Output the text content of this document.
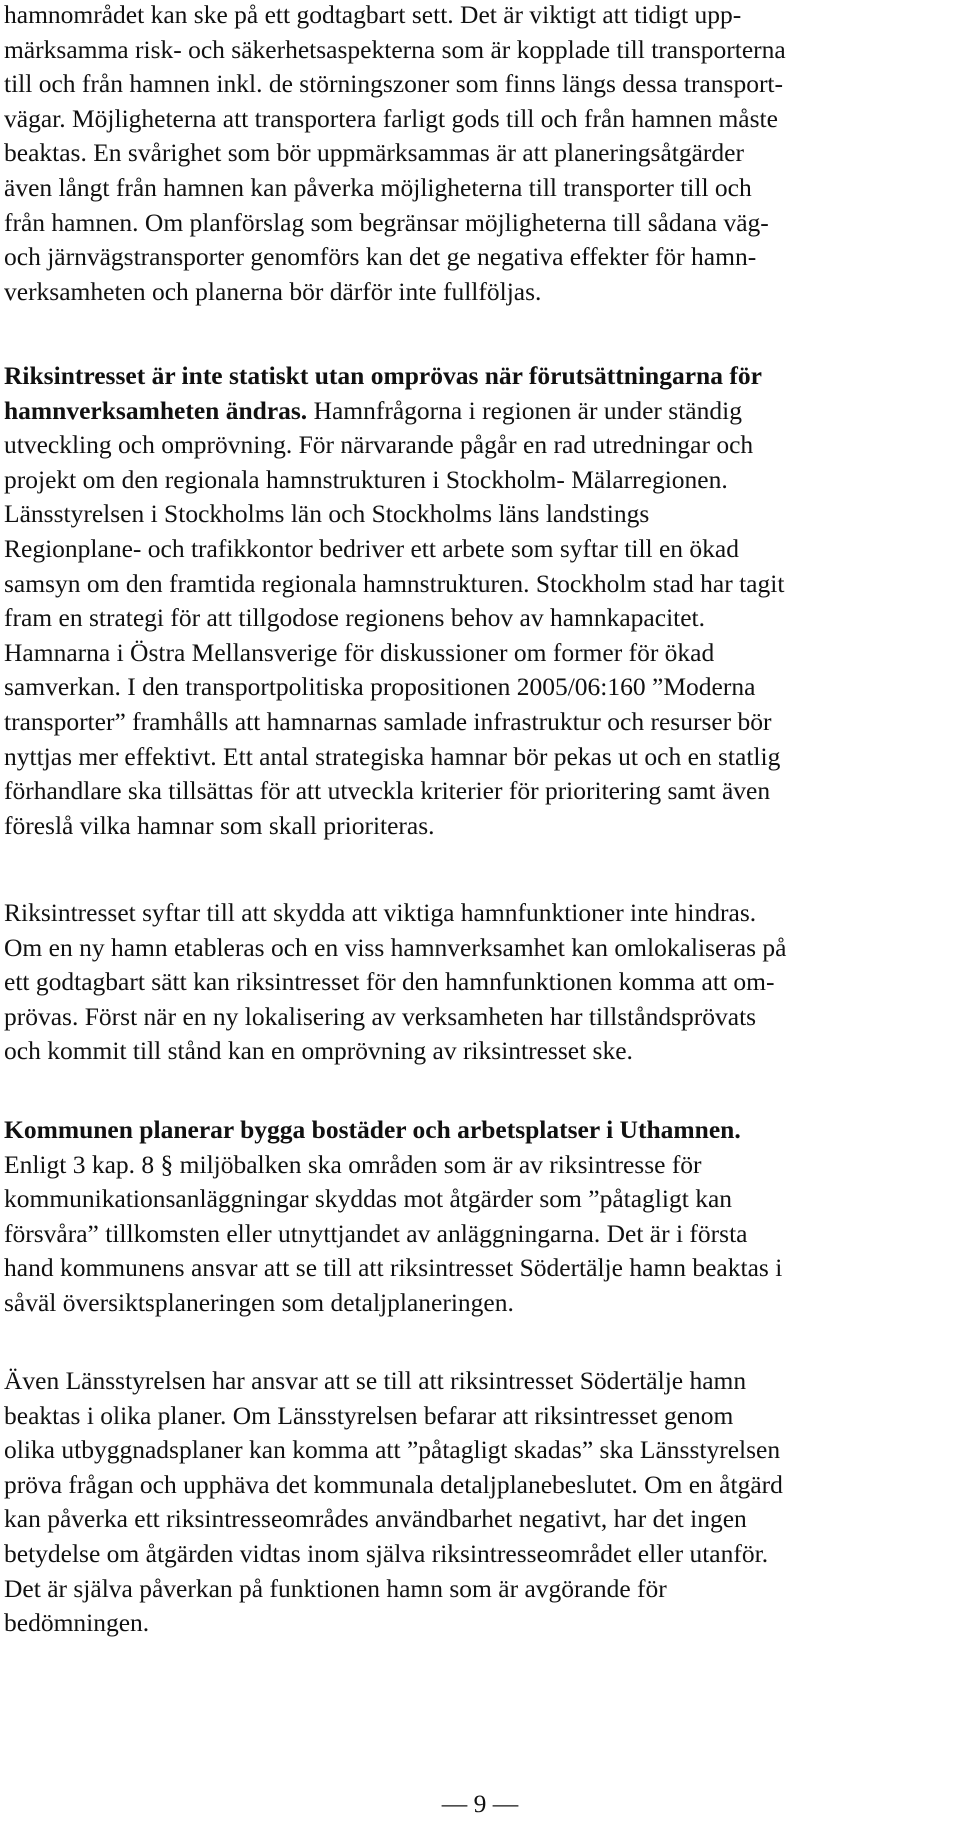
hamnområdet kan ske på ett godtagbart sett. Det är viktigt att tidigt upp-
märksamma risk- och säkerhetsaspekterna som är kopplade till transporterna
till och från hamnen inkl. de störningszoner som finns längs dessa transport-
vägar. Möjligheterna att transportera farligt gods till och från hamnen måste
beaktas. En svårighet som bör uppmärksammas är att planeringsåtgärder
även långt från hamnen kan påverka möjligheterna till transporter till och
från hamnen. Om planförslag som begränsar möjligheterna till sådana väg-
och järnvägstransporter genomförs kan det ge negativa effekter för hamn-
verksamheten och planerna bör därför inte fullföljas.

Riksintresset är inte statiskt utan omprövas när förutsättningarna för
hamnverksamheten ändras. Hamnfrågorna i regionen är under ständig
utveckling och omprövning. För närvarande pågår en rad utredningar och
projekt om den regionala hamnstrukturen i Stockholm- Mälarregionen.
Länsstyrelsen i Stockholms län och Stockholms läns landstings
Regionplane- och trafikkontor bedriver ett arbete som syftar till en ökad
samsyn om den framtida regionala hamnstrukturen. Stockholm stad har tagit
fram en strategi för att tillgodose regionens behov av hamnkapacitet.
Hamnarna i Östra Mellansverige för diskussioner om former för ökad
samverkan. I den transportpolitiska propositionen 2005/06:160 ”Moderna
transporter” framhålls att hamnarnas samlade infrastruktur och resurser bör
nyttjas mer effektivt. Ett antal strategiska hamnar bör pekas ut och en statlig
förhandlare ska tillsättas för att utveckla kriterier för prioritering samt även
föreslå vilka hamnar som skall prioriteras.

Riksintresset syftar till att skydda att viktiga hamnfunktioner inte hindras.
Om en ny hamn etableras och en viss hamnverksamhet kan omlokaliseras på
ett godtagbart sätt kan riksintresset för den hamnfunktionen komma att om-
prövas. Först när en ny lokalisering av verksamheten har tillståndsprövats
och kommit till stånd kan en omprövning av riksintresset ske.

Kommunen planerar bygga bostäder och arbetsplatser i Uthamnen.
Enligt 3 kap. 8 § miljöbalken ska områden som är av riksintresse för
kommunikationsanläggningar skyddas mot åtgärder som ”påtagligt kan
försvåra” tillkomsten eller utnyttjandet av anläggningarna. Det är i första
hand kommunens ansvar att se till att riksintresset Södertälje hamn beaktas i
såväl översiktsplaneringen som detaljplaneringen.

Även Länsstyrelsen har ansvar att se till att riksintresset Södertälje hamn
beaktas i olika planer. Om Länsstyrelsen befarar att riksintresset genom
olika utbyggnadsplaner kan komma att ”påtagligt skadas” ska Länsstyrelsen
pröva frågan och upphäva det kommunala detaljplanebeslutet. Om en åtgärd
kan påverka ett riksintresseområdes användbarhet negativt, har det ingen
betydelse om åtgärden vidtas inom själva riksintresseområdet eller utanför.
Det är själva påverkan på funktionen hamn som är avgörande för
bedömningen.

— 9 —
